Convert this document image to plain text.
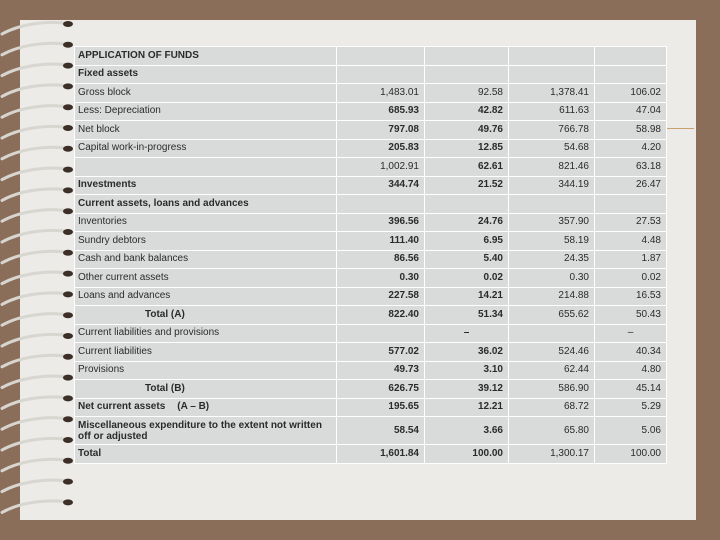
APPLICATION OF FUNDS				
Fixed assets				
Gross block	1,483.01	92.58	1,378.41	106.02
Less: Depreciation	685.93	42.82	611.63	47.04
Net block	797.08	49.76	766.78	58.98
Capital work-in-progress	205.83	12.85	54.68	4.20
	1,002.91	62.61	821.46	63.18
Investments	344.74	21.52	344.19	26.47
Current assets, loans and advances				
Inventories	396.56	24.76	357.90	27.53
Sundry debtors	111.40	6.95	58.19	4.48
Cash and bank balances	86.56	5.40	24.35	1.87
Other current assets	0.30	0.02	0.30	0.02
Loans and advances	227.58	14.21	214.88	16.53
Total (A)	822.40	51.34	655.62	50.43
Current liabilities and provisions		–		–
Current liabilities	577.02	36.02	524.46	40.34
Provisions	49.73	3.10	62.44	4.80
Total (B)	626.75	39.12	586.90	45.14
Net current assets (A – B)	195.65	12.21	68.72	5.29
Miscellaneous expenditure to the extent not written off or adjusted	58.54	3.66	65.80	5.06
Total	1,601.84	100.00	1,300.17	100.00
